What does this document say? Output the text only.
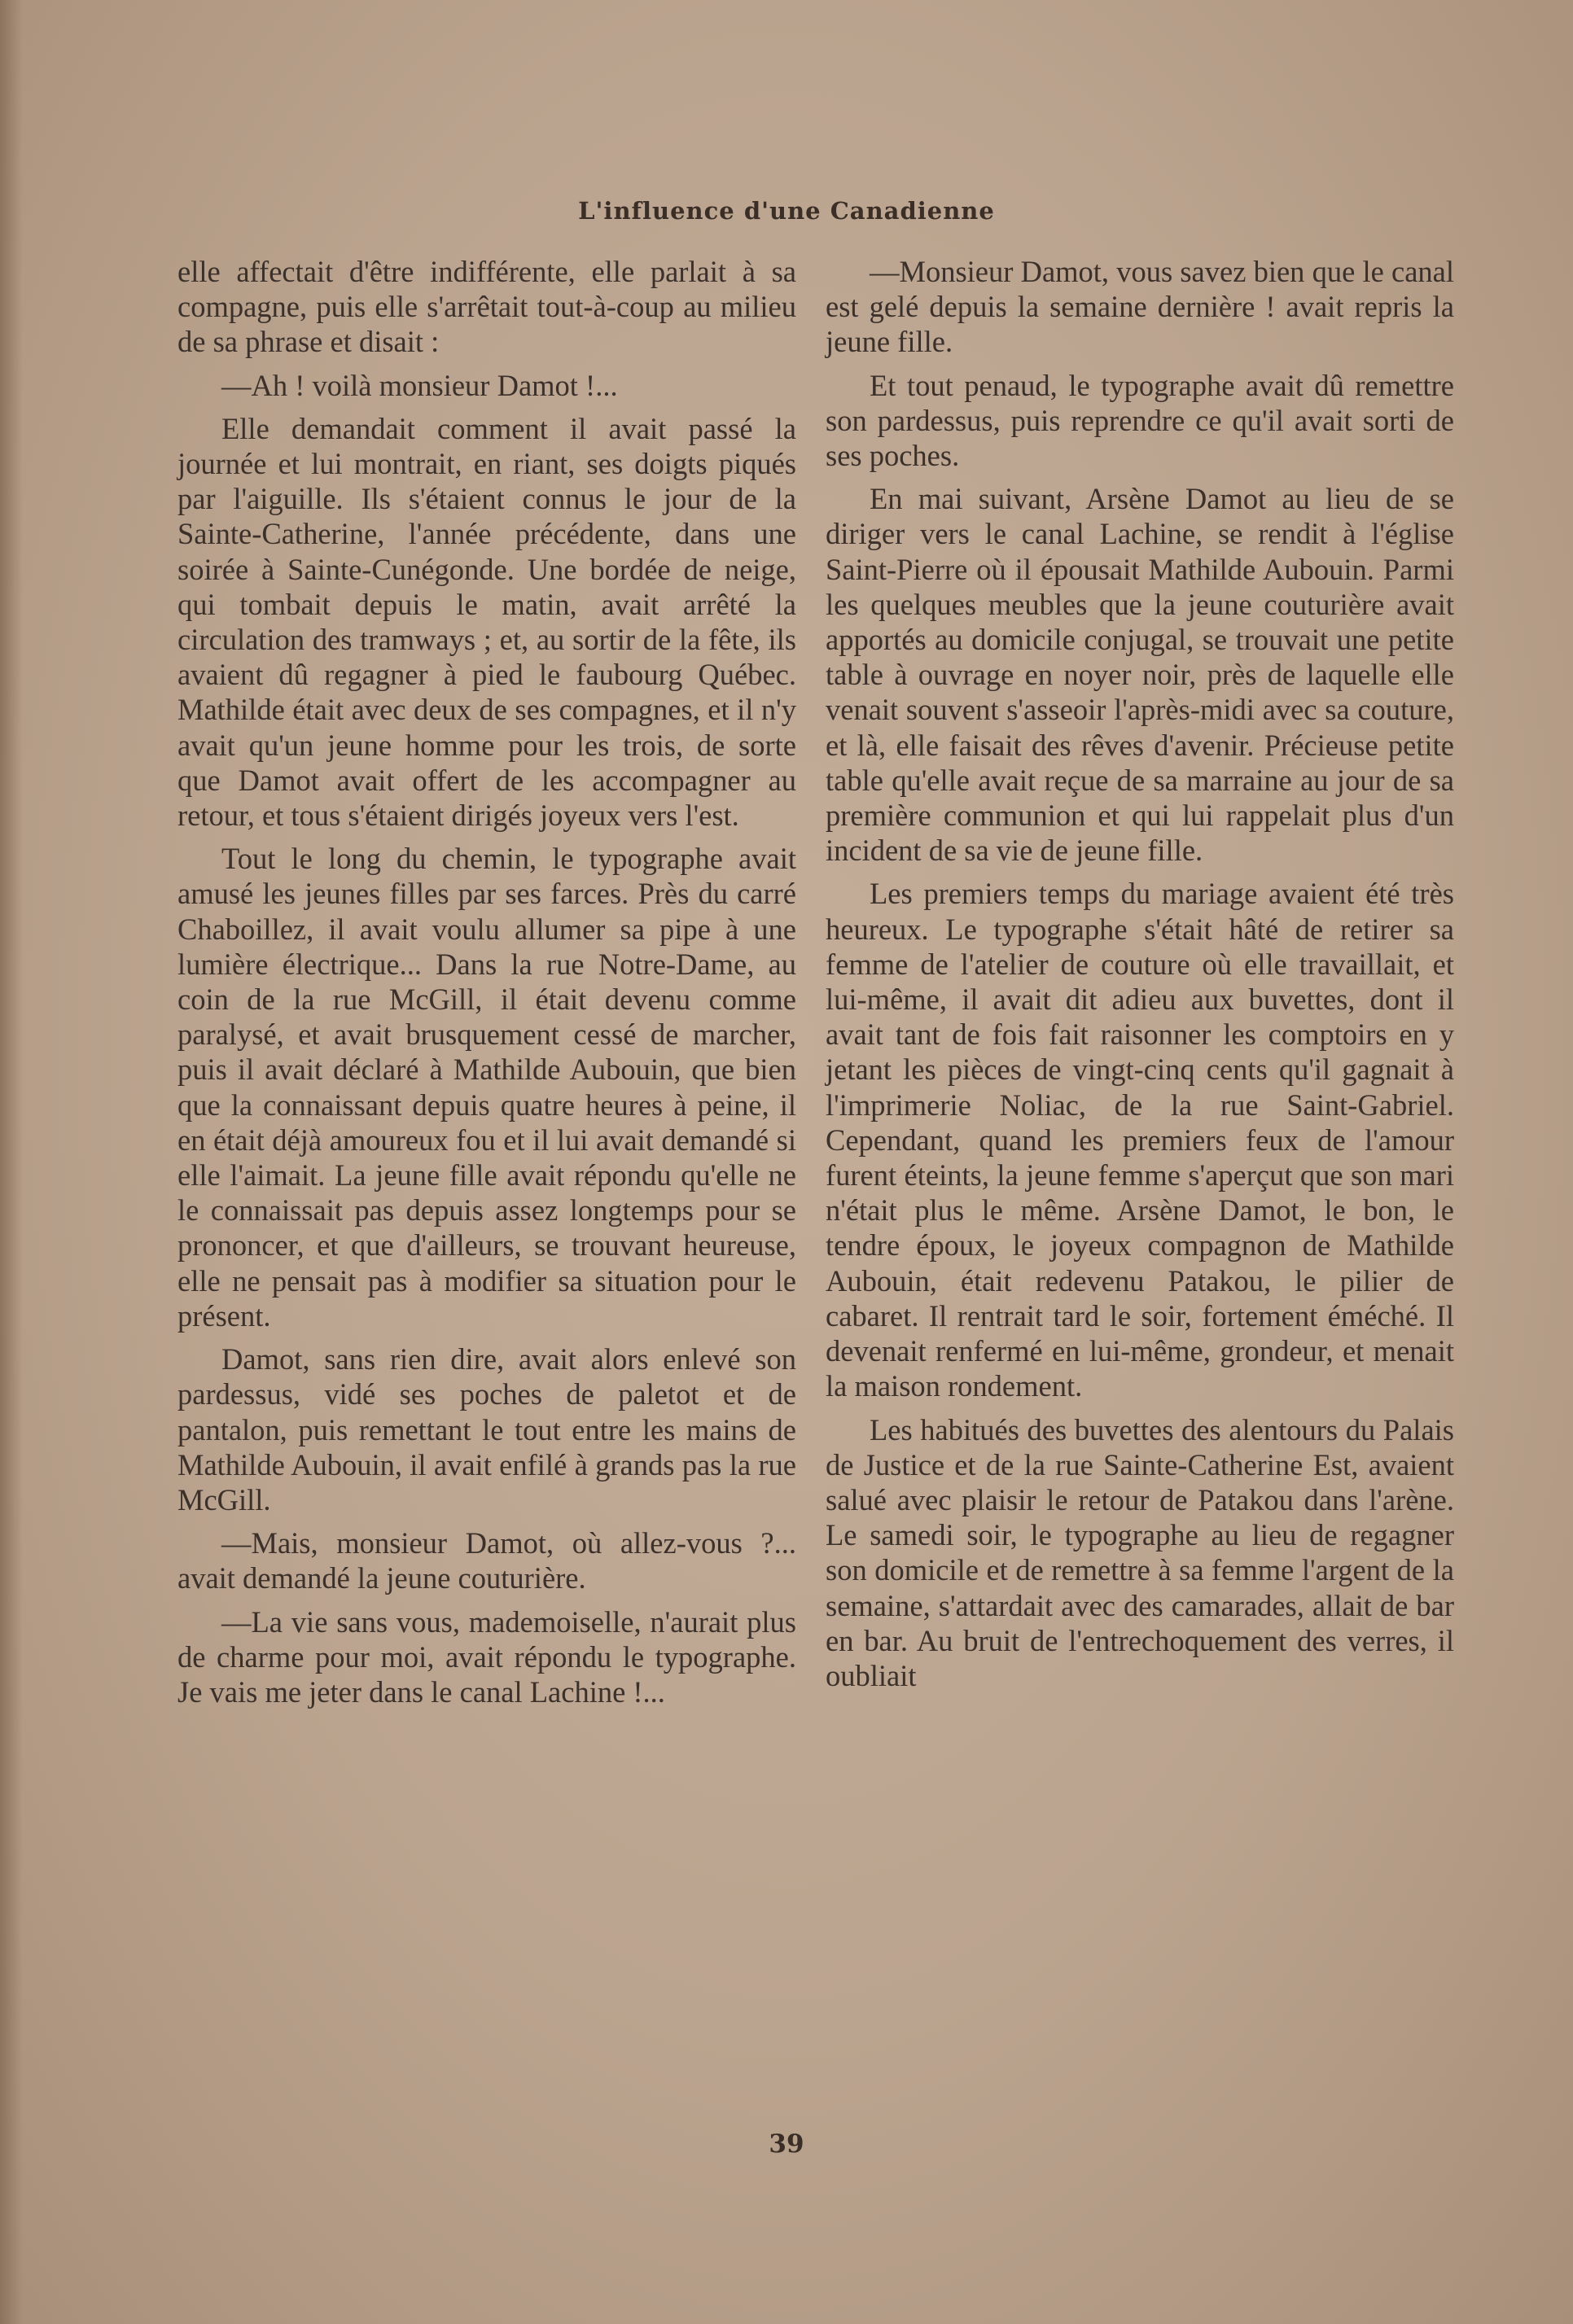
L'influence d'une Canadienne

elle affectait d'être indifférente, elle parlait à sa compagne, puis elle s'arrêtait tout-à-coup au milieu de sa phrase et disait :

—Ah ! voilà monsieur Damot !...

Elle demandait comment il avait passé la journée et lui montrait, en riant, ses doigts piqués par l'aiguille. Ils s'étaient connus le jour de la Sainte-Catherine, l'année précédente, dans une soirée à Sainte-Cunégonde. Une bordée de neige, qui tombait depuis le matin, avait arrêté la circulation des tramways ; et, au sortir de la fête, ils avaient dû regagner à pied le faubourg Québec. Mathilde était avec deux de ses compagnes, et il n'y avait qu'un jeune homme pour les trois, de sorte que Damot avait offert de les accompagner au retour, et tous s'étaient dirigés joyeux vers l'est.

Tout le long du chemin, le typographe avait amusé les jeunes filles par ses farces. Près du carré Chaboillez, il avait voulu allumer sa pipe à une lumière électrique... Dans la rue Notre-Dame, au coin de la rue McGill, il était devenu comme paralysé, et avait brusquement cessé de marcher, puis il avait déclaré à Mathilde Aubouin, que bien que la connaissant depuis quatre heures à peine, il en était déjà amoureux fou et il lui avait demandé si elle l'aimait. La jeune fille avait répondu qu'elle ne le connaissait pas depuis assez longtemps pour se prononcer, et que d'ailleurs, se trouvant heureuse, elle ne pensait pas à modifier sa situation pour le présent.

Damot, sans rien dire, avait alors enlevé son pardessus, vidé ses poches de paletot et de pantalon, puis remettant le tout entre les mains de Mathilde Aubouin, il avait enfilé à grands pas la rue McGill.

—Mais, monsieur Damot, où allez-vous ?... avait demandé la jeune couturière.

—La vie sans vous, mademoiselle, n'aurait plus de charme pour moi, avait répondu le typographe. Je vais me jeter dans le canal Lachine !...

—Monsieur Damot, vous savez bien que le canal est gelé depuis la semaine dernière ! avait repris la jeune fille.

Et tout penaud, le typographe avait dû remettre son pardessus, puis reprendre ce qu'il avait sorti de ses poches.

En mai suivant, Arsène Damot au lieu de se diriger vers le canal Lachine, se rendit à l'église Saint-Pierre où il épousait Mathilde Aubouin. Parmi les quelques meubles que la jeune couturière avait apportés au domicile conjugal, se trouvait une petite table à ouvrage en noyer noir, près de laquelle elle venait souvent s'asseoir l'après-midi avec sa couture, et là, elle faisait des rêves d'avenir. Précieuse petite table qu'elle avait reçue de sa marraine au jour de sa première communion et qui lui rappelait plus d'un incident de sa vie de jeune fille.

Les premiers temps du mariage avaient été très heureux. Le typographe s'était hâté de retirer sa femme de l'atelier de couture où elle travaillait, et lui-même, il avait dit adieu aux buvettes, dont il avait tant de fois fait raisonner les comptoirs en y jetant les pièces de vingt-cinq cents qu'il gagnait à l'imprimerie Noliac, de la rue Saint-Gabriel. Cependant, quand les premiers feux de l'amour furent éteints, la jeune femme s'aperçut que son mari n'était plus le même. Arsène Damot, le bon, le tendre époux, le joyeux compagnon de Mathilde Aubouin, était redevenu Patakou, le pilier de cabaret. Il rentrait tard le soir, fortement éméché. Il devenait renfermé en lui-même, grondeur, et menait la maison rondement.

Les habitués des buvettes des alentours du Palais de Justice et de la rue Sainte-Catherine Est, avaient salué avec plaisir le retour de Patakou dans l'arène. Le samedi soir, le typographe au lieu de regagner son domicile et de remettre à sa femme l'argent de la semaine, s'attardait avec des camarades, allait de bar en bar. Au bruit de l'entrechoquement des verres, il oubliait

39
